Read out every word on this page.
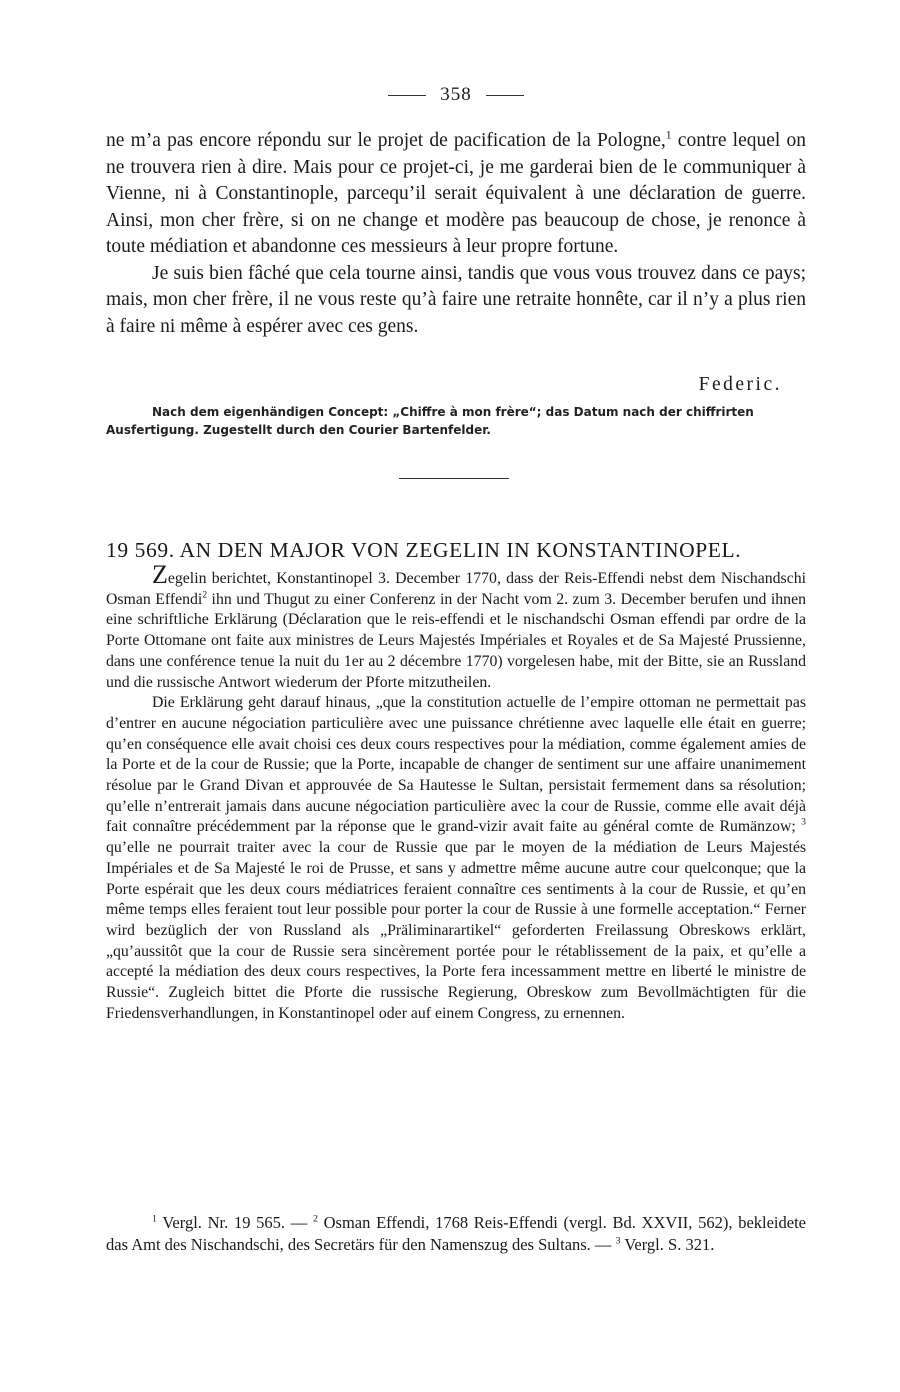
358

ne m’a pas encore répondu sur le projet de pacification de la Pologne,$^1$ contre lequel on ne trouvera rien à dire. Mais pour ce projet-ci, je me garderai bien de le communiquer à Vienne, ni à Constantinople, parcequ’il serait équivalent à une déclaration de guerre. Ainsi, mon cher frère, si on ne change et modère pas beaucoup de chose, je renonce à toute médiation et abandonne ces messieurs à leur propre fortune.

Je suis bien fâché que cela tourne ainsi, tandis que vous vous trouvez dans ce pays; mais, mon cher frère, il ne vous reste qu’à faire une retraite honnête, car il n’y a plus rien à faire ni même à espérer avec ces gens.

Federic.
Nach dem eigenhändigen Concept: „Chiffre à mon frère“; das Datum nach der chiffrirten
Ausfertigung. Zugestellt durch den Courier Bartenfelder.
19 569. AN DEN MAJOR VON ZEGELIN IN KONSTANTINOPEL.

Zegelin berichtet, Konstantinopel 3. December 1770, dass der Reis-Effendi nebst dem Nischandschi Osman Effendi$^2$ ihn und Thugut zu einer Conferenz in der Nacht vom 2. zum 3. December berufen und ihnen eine schriftliche Erklärung (Déclaration que le reis-effendi et le nischandschi Osman effendi par ordre de la Porte Ottomane ont faite aux ministres de Leurs Majestés Impériales et Royales et de Sa Majesté Prussienne, dans une conférence tenue la nuit du 1er au 2 décembre 1770) vorgelesen habe, mit der Bitte, sie an Russland und die russische Antwort wiederum der Pforte mitzutheilen.

Die Erklärung geht darauf hinaus, „que la constitution actuelle de l’empire ottoman ne permettait pas d’entrer en aucune négociation particulière avec une puissance chrétienne avec laquelle elle était en guerre; qu’en conséquence elle avait choisi ces deux cours respectives pour la médiation, comme également amies de la Porte et de la cour de Russie; que la Porte, incapable de changer de sentiment sur une affaire unanimement résolue par le Grand Divan et approuvée de Sa Hautesse le Sultan, persistait fermement dans sa résolution; qu’elle n’entrerait jamais dans aucune négociation particulière avec la cour de Russie, comme elle avait déjà fait connaître précédemment par la réponse que le grand-vizir avait faite au général comte de Rumänzow; $^3$ qu’elle ne pourrait traiter avec la cour de Russie que par le moyen de la médiation de Leurs Majestés Impériales et de Sa Majesté le roi de Prusse, et sans y admettre même aucune autre cour quelconque; que la Porte espérait que les deux cours médiatrices feraient connaître ces sentiments à la cour de Russie, et qu’en même temps elles feraient tout leur possible pour porter la cour de Russie à une formelle acceptation.“ Ferner wird bezüglich der von Russland als „Präliminarartikel“ geforderten Freilassung Obreskows erklärt, „qu’aussitôt que la cour de Russie sera sincèrement portée pour le rétablissement de la paix, et qu’elle a accepté la médiation des deux cours respectives, la Porte fera incessamment mettre en liberté le ministre de Russie“. Zugleich bittet die Pforte die russische Regierung, Obreskow zum Bevollmächtigten für die Friedensverhandlungen, in Konstantinopel oder auf einem Congress, zu ernennen.

$^1$ Vergl. Nr. 19 565. — $^2$ Osman Effendi, 1768 Reis-Effendi (vergl. Bd. XXVII, 562), bekleidete das Amt des Nischandschi, des Secretärs für den Namenszug des Sultans. — $^3$ Vergl. S. 321.
